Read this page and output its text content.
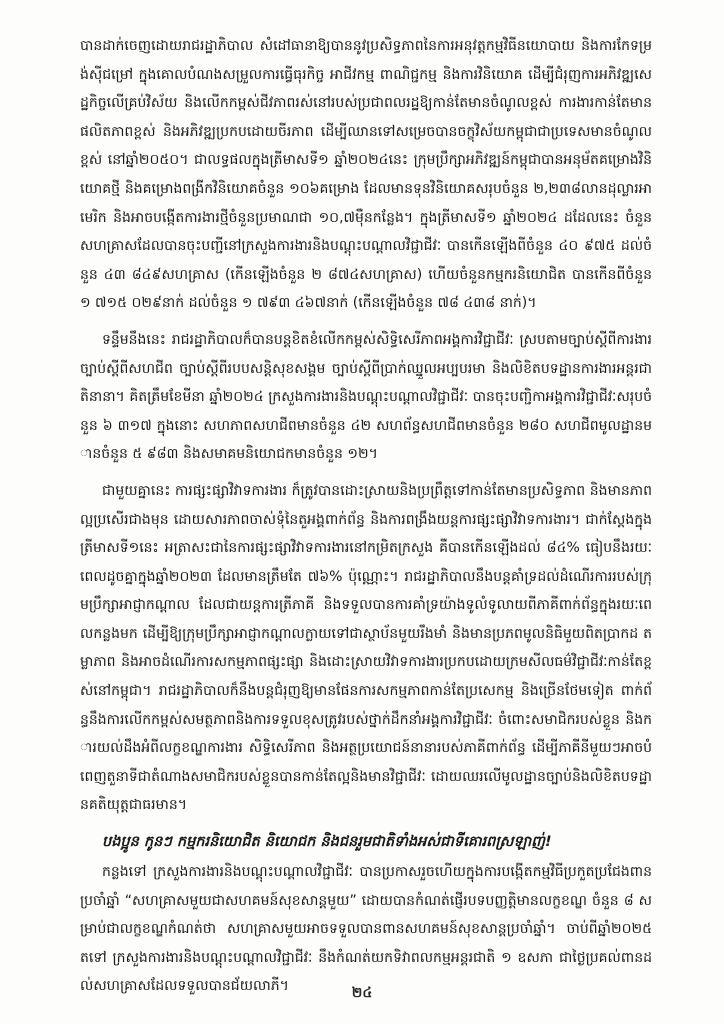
បានដាក់ចេញដោយរាជរដ្ឋាភិបាល សំដៅធានាឱ្យបាននូវប្រសិទ្ធភាពនៃការអនុវត្តកម្មវិធីនយោបាយ និងការកែទម្រង់ស៊ីជម្រៅ ក្នុងគោលបំណងសម្រួលការធ្វើធុរកិច្ច អាជីវកម្ម ពាណិជ្ជកម្ម និងការវិនិយោគ ដើម្បីជំរុញការអភិវឌ្ឍសេដ្ឋកិច្ចលើគ្រប់វិស័យ និងលើកកម្ពស់ជីវភាពរស់នៅរបស់ប្រជាពលរដ្ឋឱ្យកាន់តែមានចំណូលខ្ពស់ ការងារកាន់តែមានផលិតភាពខ្ពស់ និងអភិវឌ្ឍប្រកបដោយចីរភាព ដើម្បីឈានទៅសម្រេចបានចក្ខុវិស័យកម្ពុជាជាប្រទេសមានចំណូលខ្ពស់ នៅឆ្នាំ២០៥០។ ជាលទ្ធផលក្នុងត្រីមាសទី១ ឆ្នាំ២០២៤នេះ ក្រុមប្រឹក្សាអភិវឌ្ឍន៍កម្ពុជាបានអនុម័តគម្រោងវិនិយោគថ្មី និងគម្រោងពង្រីកវិនិយោគចំនួន ១០៦គម្រោង ដែលមានទុនវិនិយោគសរុបចំនួន ២,២៣៨លានដុល្លារអាមេរិក និងអាចបង្កើតការងារថ្មីចំនួនប្រមាណជា ១០,៧ម៉ឺនកន្លែង។ ក្នុងត្រីមាសទី១ ឆ្នាំ២០២៤ ដដែលនេះ ចំនួនសហគ្រាសដែលបានចុះបញ្ជីនៅក្រសួងការងារនិងបណ្តុះបណ្តាលវិជ្ជាជីវៈ បានកើនឡើងពីចំនួន ៤០ ៩៧៥ ដល់ចំនួន ៤៣ ៨៤៩សហគ្រាស (កើនឡើងចំនួន ២ ៨៧៤សហគ្រាស) ហើយចំនួនកម្មករនិយោជិត បានកើនពីចំនួន ១ ៧១៥ ០២៩នាក់ ដល់ចំនួន ១ ៧៩៣ ៤៦៧នាក់ (កើនឡើងចំនួន ៧៨ ៤៣៨ នាក់)។

ទន្ទឹមនឹងនេះ រាជរដ្ឋាភិបាលក៏បានបន្តខិតខំលើកកម្ពស់សិទ្ធិសេរីភាពអង្គការវិជ្ជាជីវៈ ស្របតាមច្បាប់ស្តីពីការងារ ច្បាប់ស្តីពីសហជីព ច្បាប់ស្តីពីរបបសន្តិសុខសង្គម ច្បាប់ស្តីពីប្រាក់ឈ្នួលអប្បបរមា និងលិខិតបទដ្ឋានការងារអន្តរជាតិនានា។ គិតត្រឹមខែមីនា ឆ្នាំ២០២៤ ក្រសួងការងារនិងបណ្តុះបណ្តាលវិជ្ជាជីវៈ បានចុះបញ្ជិកាអង្គការវិជ្ជាជីវៈសរុបចំនួន ៦ ៣១៧ ក្នុងនោះ សហភាពសហជីពមានចំនួន ៤២ សហព័ន្ធសហជីពមានចំនួន ២៨០ សហជីពមូលដ្ឋានមានចំនួន ៥ ៩៨៣ និងសមាគមនិយោជកមានចំនួន ១២។

ជាមួយគ្នានេះ ការផ្សះផ្សាវិវាទការងារ ក៏ត្រូវបានដោះស្រាយនិងប្រព្រឹត្តទៅកាន់តែមានប្រសិទ្ធភាព និងមានភាពល្អប្រសើរជាងមុន ដោយសារភាពចាស់ទុំនៃតួអង្គពាក់ព័ន្ធ និងការពង្រឹងយន្តការផ្សះផ្សាវិវាទការងារ។ ជាក់ស្តែងក្នុងត្រីមាសទី១នេះ អត្រាសះជានៃការផ្សះផ្សាវិវាទការងារនៅកម្រិតក្រសួង គឺបានកើនឡើងដល់ ៨៤% ធៀបនឹងរយៈពេលដូចគ្នាក្នុងឆ្នាំ២០២៣ ដែលមានត្រឹមតែ ៧៦% ប៉ុណ្ណោះ។ រាជរដ្ឋាភិបាលនឹងបន្តគាំទ្រដល់ដំណើរការរបស់ក្រុមប្រឹក្សាអាជ្ញាកណ្តាល ដែលជាយន្តការត្រីភាគី និងទទួលបានការគាំទ្រយ៉ាងទូលំទូលាយពីភាគីពាក់ព័ន្ធក្នុងរយៈពេលកន្លងមក ដើម្បីឱ្យក្រុមប្រឹក្សាអាជ្ញាកណ្តាលក្លាយទៅជាស្ថាប័នមួយរឹងមាំ និងមានប្រភពមូលនិធិមួយពិតប្រាកដ តម្លាភាព និងអាចដំណើរការសកម្មភាពផ្សះផ្សា និងដោះស្រាយវិវាទការងារប្រកបដោយក្រមសីលធម៌វិជ្ជាជីវៈកាន់តែខ្ពស់នៅកម្ពុជា។ រាជរដ្ឋាភិបាលក៏នឹងបន្តជំរុញឱ្យមានផែនការសកម្មភាពកាន់តែប្រសេកម្ម និងច្រើនថែមទៀត ពាក់ព័ន្ធនឹងការលើកកម្ពស់សមត្ថភាពនិងការទទួលខុសត្រូវរបស់ថ្នាក់ដឹកនាំអង្គការវិជ្ជាជីវៈ ចំពោះសមាជិករបស់ខ្លួន និងការយល់ដឹងអំពីលក្ខខណ្ឌការងារ សិទ្ធិសេរីភាព និងអត្ថប្រយោជន៍នានារបស់ភាគីពាក់ព័ន្ធ ដើម្បីភាគីនីមួយៗអាចបំពេញតួនាទីជាតំណាងសមាជិករបស់ខ្លួនបានកាន់តែល្អនិងមានវិជ្ជាជីវៈ ដោយឈរលើមូលដ្ឋានច្បាប់និងលិខិតបទដ្ឋានគតិយុត្តជាធរមាន។

បងប្អូន កូនៗ កម្មករនិយោជិត និយោជក និងជនរួមជាតិទាំងអស់ជាទីគោរពស្រឡាញ់!

កន្លងទៅ ក្រសួងការងារនិងបណ្តុះបណ្តាលវិជ្ជាជីវៈ បានប្រកាសរួចហើយក្នុងការបង្កើតកម្មវិធីប្រកួតប្រជែងពានប្រចាំឆ្នាំ “សហគ្រាសមួយជាសហគមន៍សុខសាន្តមួយ” ដោយបានកំណត់ផ្ញើរបទបញ្ញត្តិមានលក្ខខណ្ឌ ចំនួន ៨ សម្រាប់ជាលក្ខខណ្ឌកំណត់ថា សហគ្រាសមួយអាចទទួលបានពានសហគមន៍សុខសាន្តប្រចាំឆ្នាំ។ ចាប់ពីឆ្នាំ២០២៥ តទៅ ក្រសួងការងារនិងបណ្តុះបណ្តាលវិជ្ជាជីវៈ នឹងកំណត់យកទិវាពលកម្មអន្តរជាតិ ១ ឧសភា ជាថ្ងៃប្រគល់ពានដល់សហគ្រាសដែលទទួលបានជ័យលាភី។	២៤
